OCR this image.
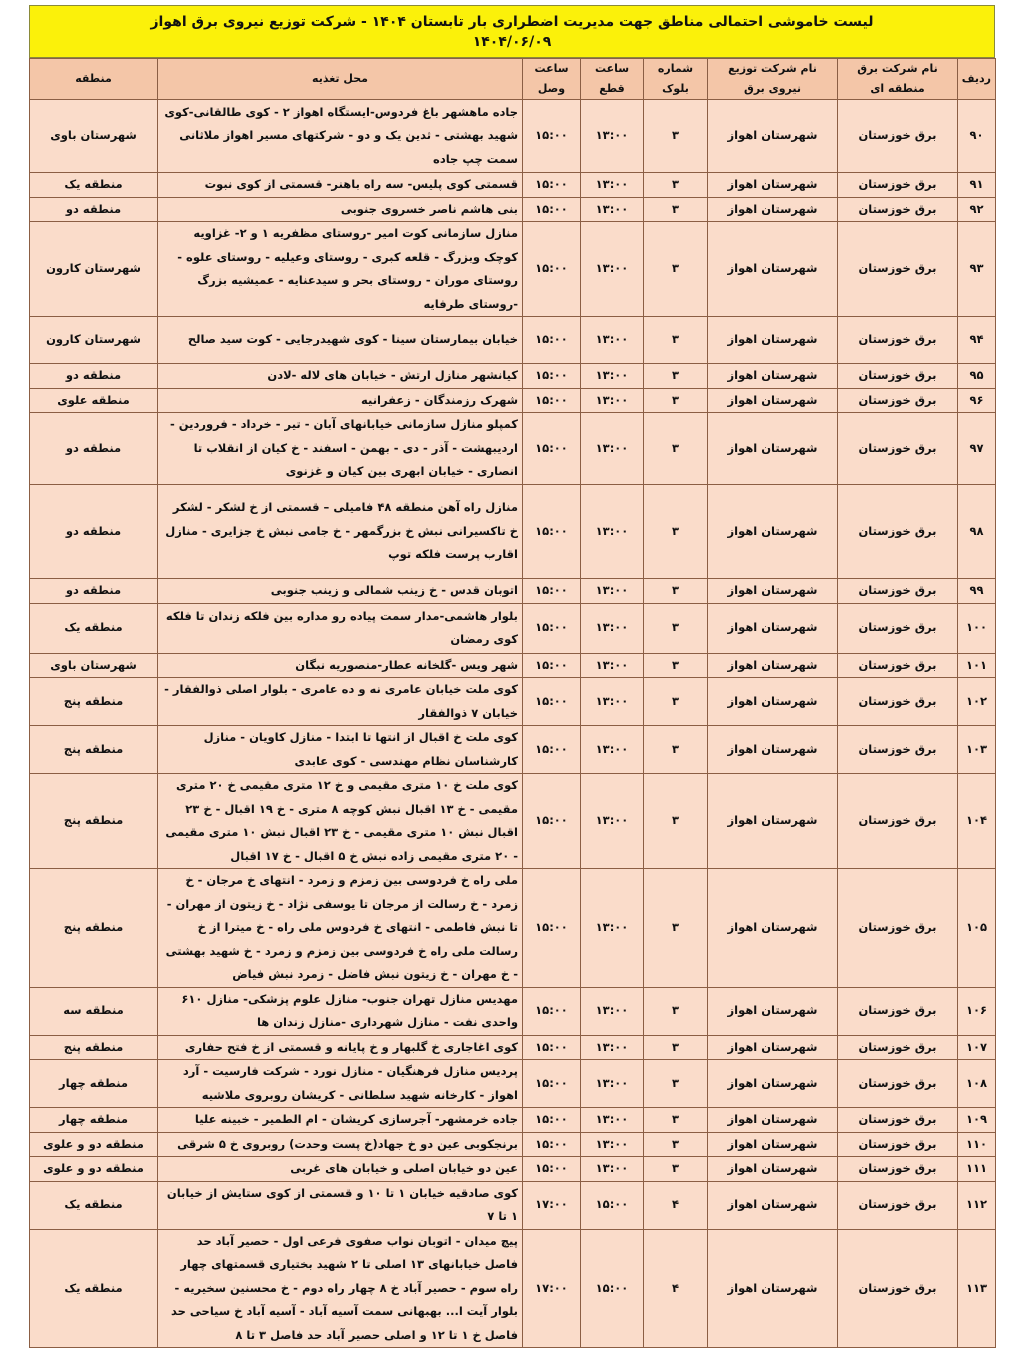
لیست خاموشی احتمالی مناطق جهت مدیریت اضطراری بار تابستان ۱۴۰۴ - شرکت توزیع نیروی برق اهواز
۱۴۰۴/۰۶/۰۹
ردیف	نام شرکت برق منطقه ای	نام شرکت توزیع نیروی برق	شماره بلوک	ساعت قطع	ساعت وصل	محل تغذیه	منطقه
۹۰	برق خوزستان	شهرستان اهواز	۳	۱۳:۰۰	۱۵:۰۰	جاده ماهشهر باغ فردوس-ایستگاه اهواز ۲ - کوی طالقانی-کوی شهید بهشتی - ثدین یک و دو - شرکتهای مسیر اهواز ملاثانی سمت چپ جاده	شهرستان باوی
۹۱	برق خوزستان	شهرستان اهواز	۳	۱۳:۰۰	۱۵:۰۰	قسمتی کوی پلیس- سه راه باهنر- قسمتی از کوی نبوت	منطقه یک
۹۲	برق خوزستان	شهرستان اهواز	۳	۱۳:۰۰	۱۵:۰۰	بنی هاشم ناصر خسروی جنوبی	منطقه دو
۹۳	برق خوزستان	شهرستان اهواز	۳	۱۳:۰۰	۱۵:۰۰	منازل سازمانی کوت امیر -روستای مظفریه ۱ و ۲- غزاویه کوچک وبزرگ - قلعه کبری - روستای وعیلیه - روستای علوه - روستای موران - روستای بحر و سیدعنایه - عمیشیه بزرگ -روستای طرفایه	شهرستان کارون
۹۴	برق خوزستان	شهرستان اهواز	۳	۱۳:۰۰	۱۵:۰۰	خیابان بیمارستان سینا - کوی شهیدرجایی - کوت سید صالح	شهرستان کارون
۹۵	برق خوزستان	شهرستان اهواز	۳	۱۳:۰۰	۱۵:۰۰	کیانشهر منازل ارتش - خیابان های لاله -لادن	منطقه دو
۹۶	برق خوزستان	شهرستان اهواز	۳	۱۳:۰۰	۱۵:۰۰	شهرک رزمندگان - زعفرانیه	منطقه علوی
۹۷	برق خوزستان	شهرستان اهواز	۳	۱۳:۰۰	۱۵:۰۰	کمپلو منازل سازمانی خیابانهای آبان - تیر - خرداد - فروردین - اردیبهشت - آذر - دی - بهمن - اسفند - خ کیان از انقلاب تا انصاری - خیابان ابهری بین کیان و غزنوی	منطقه دو
۹۸	برق خوزستان	شهرستان اهواز	۳	۱۳:۰۰	۱۵:۰۰	منازل راه آهن منطقه ۴۸ فامیلی – قسمتی از خ لشکر - لشکر خ تاکسیرانی نبش خ بزرگمهر - خ جامی نبش خ جزایری - منازل اقارب پرست فلکه توپ	منطقه دو
۹۹	برق خوزستان	شهرستان اهواز	۳	۱۳:۰۰	۱۵:۰۰	اتوبان قدس - خ زینب شمالی و زینب جنوبی	منطقه دو
۱۰۰	برق خوزستان	شهرستان اهواز	۳	۱۳:۰۰	۱۵:۰۰	بلوار هاشمی-مدار سمت پیاده رو مداره بین فلکه زندان تا فلکه کوی رمضان	منطقه یک
۱۰۱	برق خوزستان	شهرستان اهواز	۳	۱۳:۰۰	۱۵:۰۰	شهر ویس -گلخانه عطار-منصوریه نبگان	شهرستان باوی
۱۰۲	برق خوزستان	شهرستان اهواز	۳	۱۳:۰۰	۱۵:۰۰	کوی ملت خیابان عامری نه و ده عامری - بلوار اصلی ذوالفقار - خیابان ۷ ذوالفقار	منطقه پنج
۱۰۳	برق خوزستان	شهرستان اهواز	۳	۱۳:۰۰	۱۵:۰۰	کوی ملت خ اقبال از انتها تا ابتدا - منازل کاویان - منازل کارشناسان نظام مهندسی - کوی عابدی	منطقه پنج
۱۰۴	برق خوزستان	شهرستان اهواز	۳	۱۳:۰۰	۱۵:۰۰	کوی ملت خ ۱۰ متری مقیمی و خ ۱۲ متری مقیمی خ ۲۰ متری مقیمی - خ ۱۳ اقبال نبش کوچه ۸ متری - خ ۱۹ اقبال - خ ۲۳ اقبال نبش ۱۰ متری مقیمی - خ ۲۳ اقبال نبش ۱۰ متری مقیمی - ۲۰ متری مقیمی زاده نبش خ ۵ اقبال - خ ۱۷ اقبال	منطقه پنج
۱۰۵	برق خوزستان	شهرستان اهواز	۳	۱۳:۰۰	۱۵:۰۰	ملی راه خ فردوسی بین زمزم و زمرد - انتهای خ مرجان - خ زمرد - خ رسالت از مرجان تا یوسفی نژاد - خ زیتون از مهران - تا نبش فاطمی - انتهای خ فردوس ملی راه - خ میترا از خ رسالت ملی راه خ فردوسی بین زمزم و زمرد - خ شهید بهشتی - خ مهران - خ زیتون نبش فاضل - زمرد نبش فیاض	منطقه پنج
۱۰۶	برق خوزستان	شهرستان اهواز	۳	۱۳:۰۰	۱۵:۰۰	مهدیس منازل تهران جنوب- منازل علوم پزشکی- منازل ۶۱۰ واحدی نفت - منازل شهرداری -منازل زندان ها	منطقه سه
۱۰۷	برق خوزستان	شهرستان اهواز	۳	۱۳:۰۰	۱۵:۰۰	کوی اغاجاری خ گلبهار و خ پایانه و قسمتی از خ فتح حفاری	منطقه پنج
۱۰۸	برق خوزستان	شهرستان اهواز	۳	۱۳:۰۰	۱۵:۰۰	پردیس منازل فرهنگیان - منازل نورد - شرکت فارسیت - آرد اهواز - کارخانه شهید سلطانی - کریشان روبروی ملاشیه	منطقه چهار
۱۰۹	برق خوزستان	شهرستان اهواز	۳	۱۳:۰۰	۱۵:۰۰	جاده خرمشهر- آجرسازی کریشان - ام الطمیر - خبینه علیا	منطقه چهار
۱۱۰	برق خوزستان	شهرستان اهواز	۳	۱۳:۰۰	۱۵:۰۰	برنجکوبی عین دو خ جهاد(خ پست وحدت) روبروی خ ۵ شرقی	منطقه دو و علوی
۱۱۱	برق خوزستان	شهرستان اهواز	۳	۱۳:۰۰	۱۵:۰۰	عین دو خیابان اصلی و خیابان های غربی	منطقه دو و علوی
۱۱۲	برق خوزستان	شهرستان اهواز	۴	۱۵:۰۰	۱۷:۰۰	کوی صادقیه خیابان ۱ تا ۱۰ و قسمتی از کوی ستایش از خیابان ۱ تا ۷	منطقه یک
۱۱۳	برق خوزستان	شهرستان اهواز	۴	۱۵:۰۰	۱۷:۰۰	پیچ میدان - اتوبان نواب صفوی فرعی اول - حصیر آباد حد فاصل خیابانهای ۱۳ اصلی تا ۲ شهید بختیاری قسمتهای چهار راه سوم - حصیر آباد خ ۸ چهار راه دوم - خ محسنین سخیریه - بلوار آیت ا... بهبهانی سمت آسیه آباد - آسیه آباد خ سیاحی حد فاصل خ ۱ تا ۱۲ و اصلی حصیر آباد حد فاصل ۳ تا ۸	منطقه یک
